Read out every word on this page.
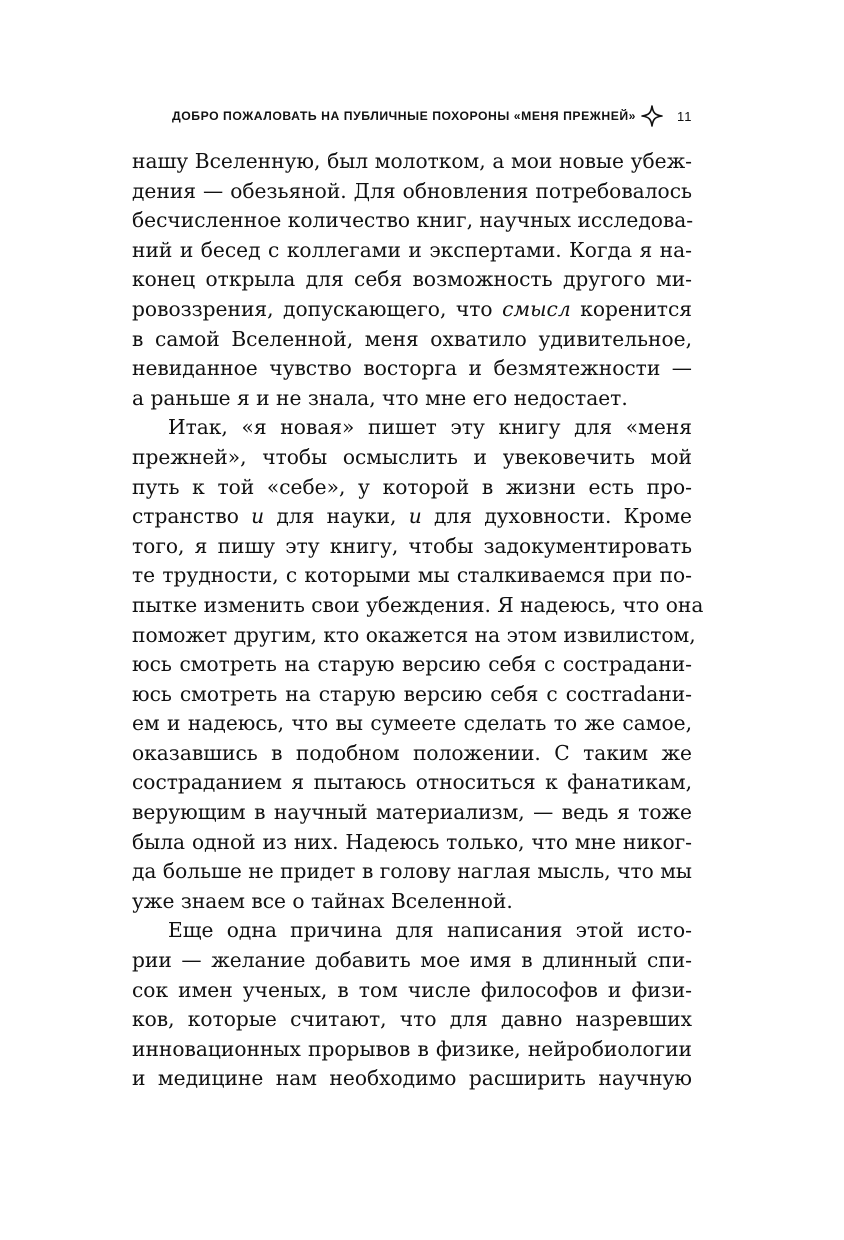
ДОБРО ПОЖАЛОВАТЬ НА ПУБЛИЧНЫЕ ПОХОРОНЫ «МЕНЯ ПРЕЖНЕЙ»	11
нашу Вселенную, был молотком, а мои новые убеж-
дения — обезьяной. Для обновления потребовалось
бесчисленное количество книг, научных исследова-
ний и бесед с коллегами и экспертами. Когда я на-
конец открыла для себя возможность другого ми-
ровоззрения, допускающего, что смысл коренится
в самой Вселенной, меня охватило удивительное,
невиданное чувство восторга и безмятежности —
а раньше я и не знала, что мне его недостает.
Итак, «я новая» пишет эту книгу для «меня
прежней», чтобы осмыслить и увековечить мой
путь к той «себе», у которой в жизни есть про-
странство и для науки, и для духовности. Кроме
того, я пишу эту книгу, чтобы задокументировать
те трудности, с которыми мы сталкиваемся при по-
пытке изменить свои убеждения. Я надеюсь, что она
поможет другим, кто окажется на этом извилистом,
юсь смотреть на старую версию себя с сострадани-
юсь смотреть на старую версию себя с состradани-
ем и надеюсь, что вы сумеете сделать то же самое,
оказавшись в подобном положении. С таким же
состраданием я пытаюсь относиться к фанатикам,
верующим в научный материализм, — ведь я тоже
была одной из них. Надеюсь только, что мне никог-
да больше не придет в голову наглая мысль, что мы
уже знаем все о тайнах Вселенной.
Еще одна причина для написания этой исто-
рии — желание добавить мое имя в длинный спи-
сок имен ученых, в том числе философов и физи-
ков, которые считают, что для давно назревших
инновационных прорывов в физике, нейробиологии
и медицине нам необходимо расширить научную
